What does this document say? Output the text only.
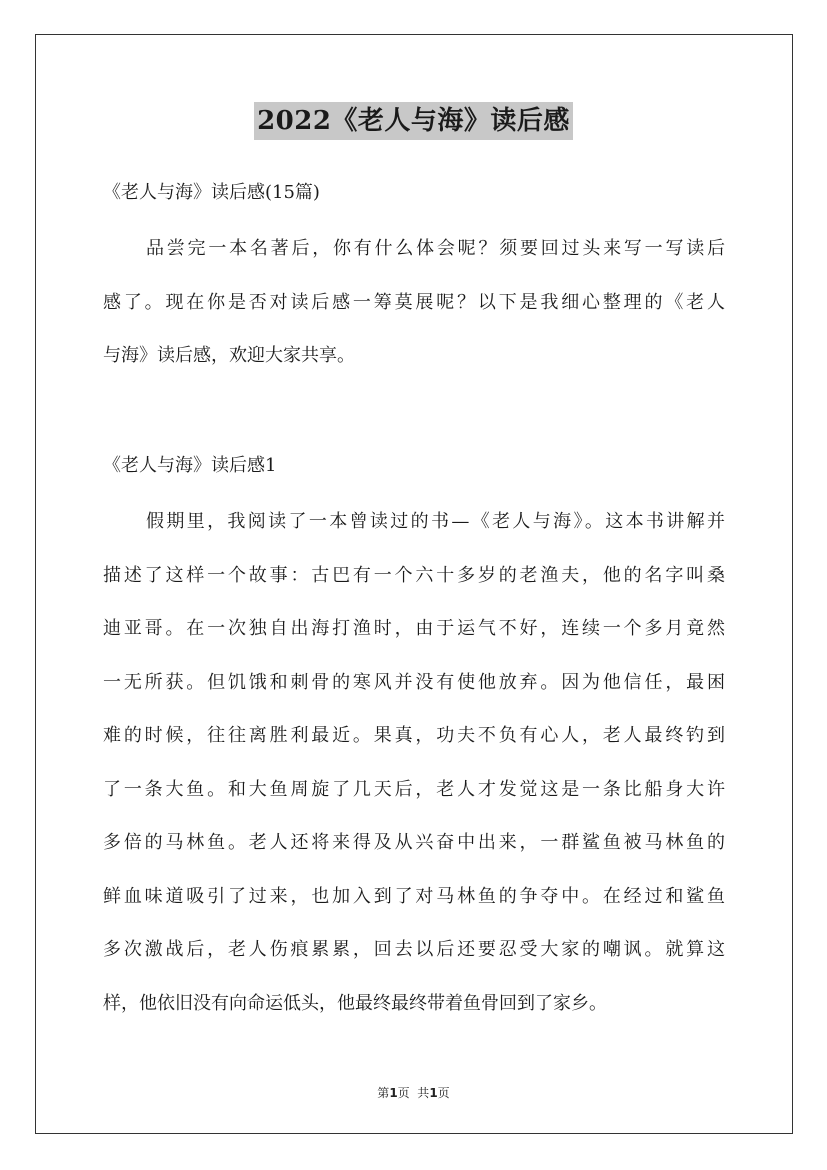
2022《老人与海》读后感
《老人与海》读后感(15篇)
品尝完一本名著后，你有什么体会呢？须要回过头来写一写读后
感了。现在你是否对读后感一筹莫展呢？以下是我细心整理的《老人
与海》读后感，欢迎大家共享。
《老人与海》读后感1
假期里，我阅读了一本曾读过的书—《老人与海》。这本书讲解并
描述了这样一个故事：古巴有一个六十多岁的老渔夫，他的名字叫桑
迪亚哥。在一次独自出海打渔时，由于运气不好，连续一个多月竟然
一无所获。但饥饿和刺骨的寒风并没有使他放弃。因为他信任，最困
难的时候，往往离胜利最近。果真，功夫不负有心人，老人最终钓到
了一条大鱼。和大鱼周旋了几天后，老人才发觉这是一条比船身大许
多倍的马林鱼。老人还将来得及从兴奋中出来，一群鲨鱼被马林鱼的
鲜血味道吸引了过来，也加入到了对马林鱼的争夺中。在经过和鲨鱼
多次激战后，老人伤痕累累，回去以后还要忍受大家的嘲讽。就算这
样，他依旧没有向命运低头，他最终最终带着鱼骨回到了家乡。
第1页  共1页
